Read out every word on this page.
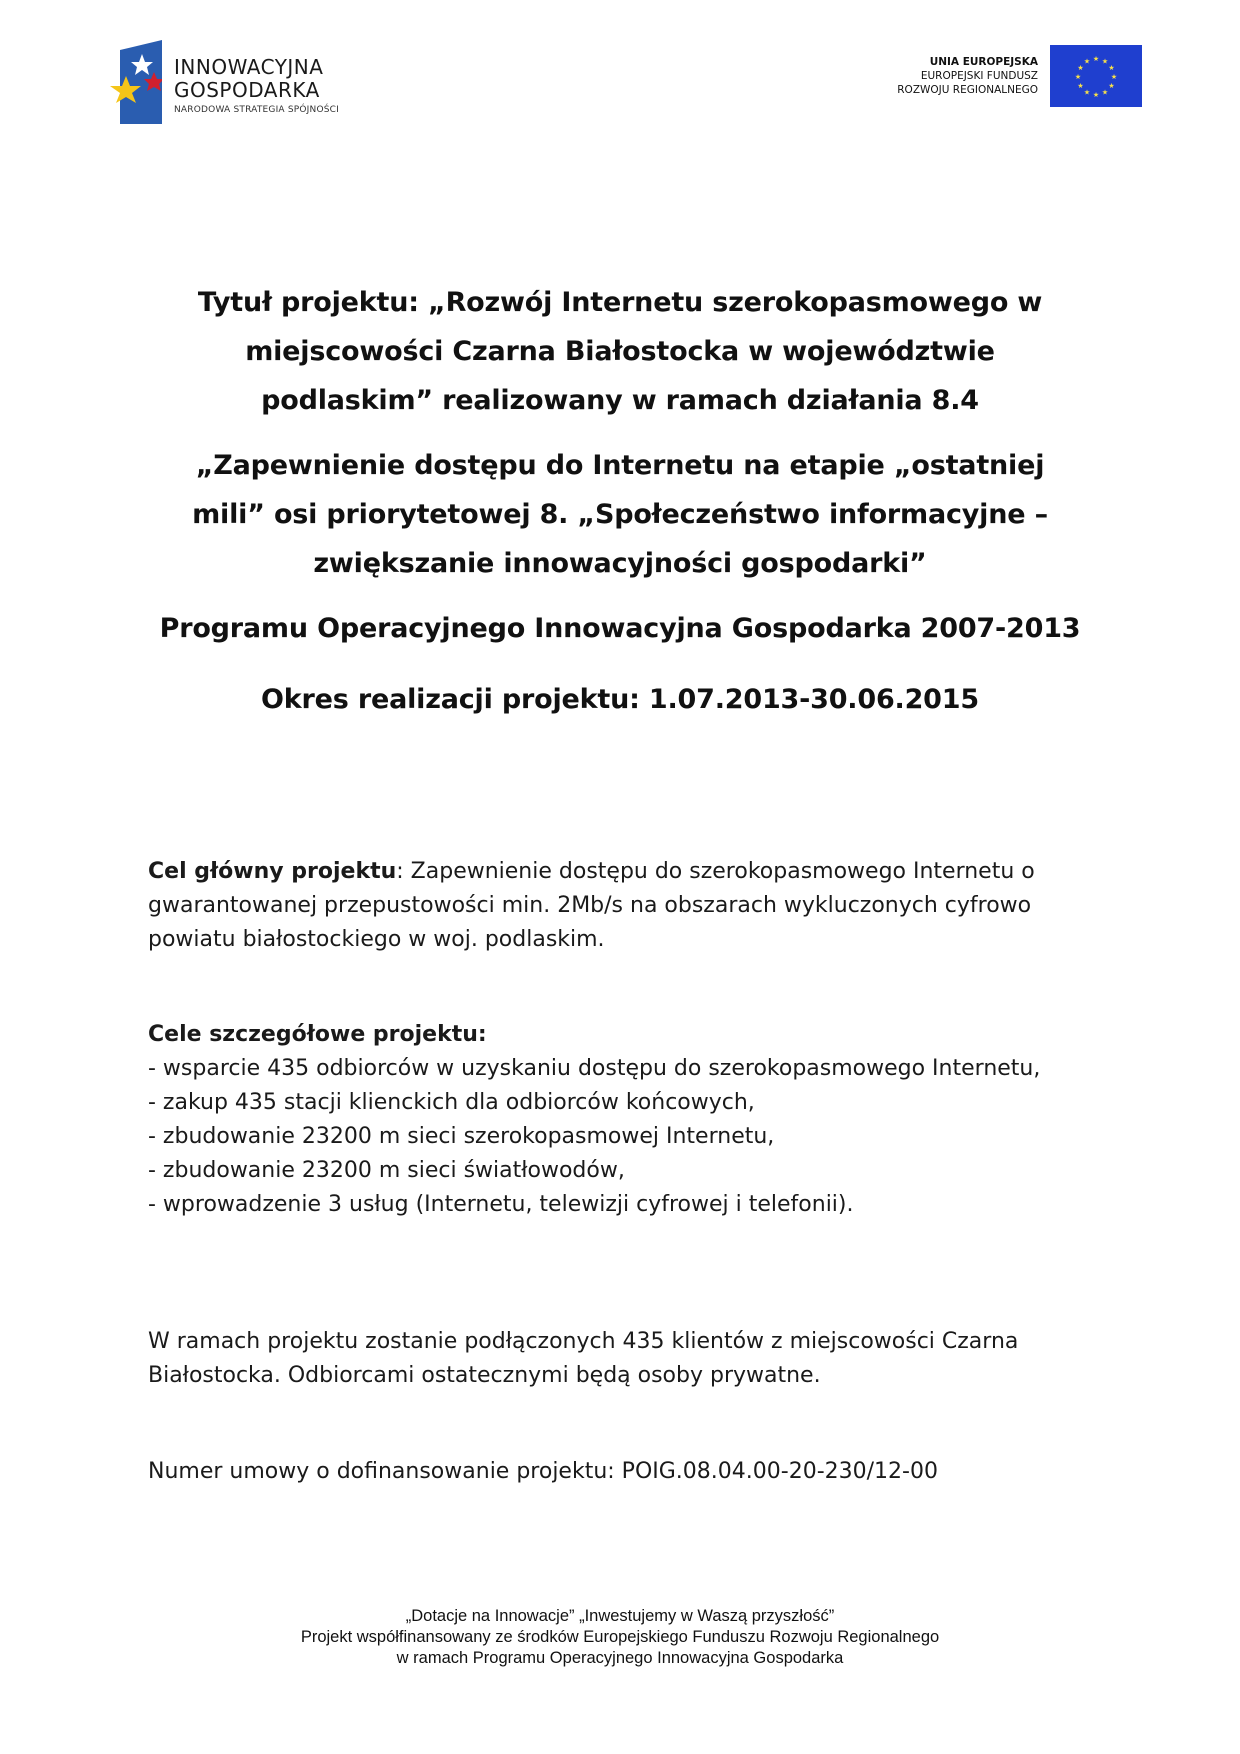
INNOWACYJNA
GOSPODARKA
NARODOWA STRATEGIA SPÓJNOŚCI
UNIA EUROPEJSKA
EUROPEJSKI FUNDUSZ
ROZWOJU REGIONALNEGO
★ ★
★
★
★
★
★
★
★
★
★
★
Tytuł projektu: „Rozwój Internetu szerokopasmowego w
miejscowości Czarna Białostocka w województwie
podlaskim” realizowany w ramach działania 8.4
„Zapewnienie dostępu do Internetu na etapie „ostatniej
mili” osi priorytetowej 8. „Społeczeństwo informacyjne –
zwiększanie innowacyjności gospodarki”
Programu Operacyjnego Innowacyjna Gospodarka 2007-2013
Okres realizacji projektu: 1.07.2013-30.06.2015
Cel główny projektu: Zapewnienie dostępu do szerokopasmowego Internetu o gwarantowanej przepustowości min. 2Mb/s na obszarach wykluczonych cyfrowo powiatu białostockiego w woj. podlaskim.
Cele szczegółowe projektu:
- wsparcie 435 odbiorców w uzyskaniu dostępu do szerokopasmowego Internetu,
- zakup 435 stacji klienckich dla odbiorców końcowych,
- zbudowanie 23200 m sieci szerokopasmowej Internetu,
- zbudowanie 23200 m sieci światłowodów,
- wprowadzenie 3 usług (Internetu, telewizji cyfrowej i telefonii).
W ramach projektu zostanie podłączonych 435 klientów z miejscowości Czarna Białostocka. Odbiorcami ostatecznymi będą osoby prywatne.
Numer umowy o dofinansowanie projektu: POIG.08.04.00-20-230/12-00
„Dotacje na Innowacje” „Inwestujemy w Waszą przyszłość”
Projekt współfinansowany ze środków Europejskiego Funduszu Rozwoju Regionalnego
w ramach Programu Operacyjnego Innowacyjna Gospodarka
